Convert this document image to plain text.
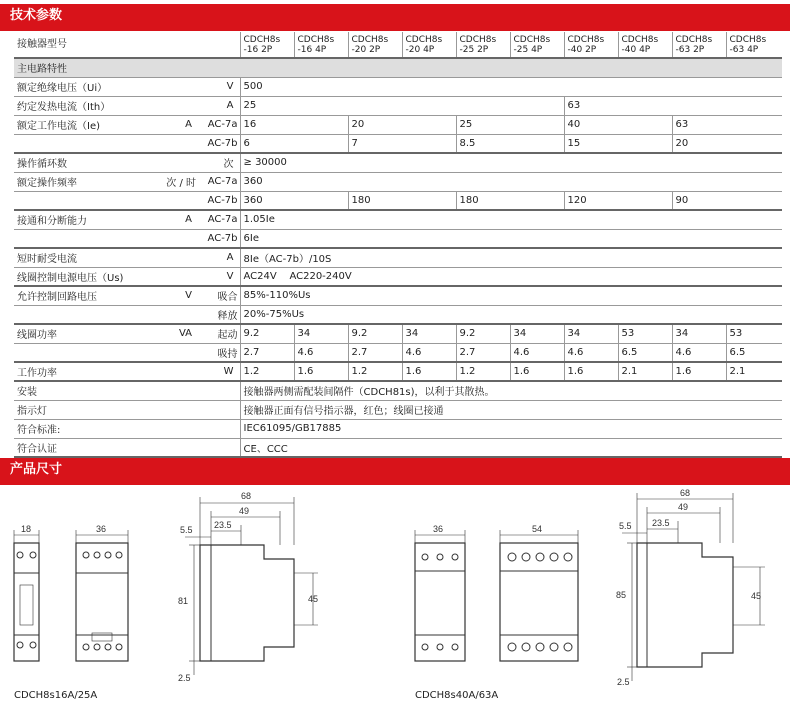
技术参数
接触器型号			CDCH8s -16 2P	CDCH8s -16 4P	CDCH8s -20 2P	CDCH8s -20 4P	CDCH8s -25 2P	CDCH8s -25 4P	CDCH8s -40 2P	CDCH8s -40 4P	CDCH8s -63 2P	CDCH8s -63 4P
主电路特性												
额定绝缘电压（Ui）	V		500									
约定发热电流（Ith）	A		25						63			
额定工作电流（Ie)	A	AC-7a	16		20		25		40		63	
		AC-7b	6		7		8.5		15		20	
操作循环数	次		≥ 30000									
额定操作频率	次 / 时	AC-7a	360									
		AC-7b	360		180		180		120		90	
接通和分断能力	A	AC-7a	1.05Ie									
		AC-7b	6Ie									
短时耐受电流	A		8Ie（AC-7b）/10S									
线圈控制电源电压（Us)	V		AC24V    AC220-240V									
允许控制回路电压	V	吸合	85%-110%Us									
		释放	20%-75%Us									
线圈功率	VA	起动	9.2	34	9.2	34	9.2	34	34	53	34	53
		吸持	2.7	4.6	2.7	4.6	2.7	4.6	4.6	6.5	4.6	6.5
工作功率	W		1.2	1.6	1.2	1.6	1.2	1.6	1.6	2.1	1.6	2.1
安装			接触器两侧需配装间隔件（CDCH81s)，以利于其散热。									
指示灯			接触器正面有信号指示器，红色；线圈已接通									
符合标准:			IEC61095/GB17885									
符合认证			CE、CCC									
产品尺寸
18	36
68
49
23.5
5.5
81	45
2.5
36	54
68
49
23.5
5.5
85	45
2.5
CDCH8s16A/25A	CDCH8s40A/63A
